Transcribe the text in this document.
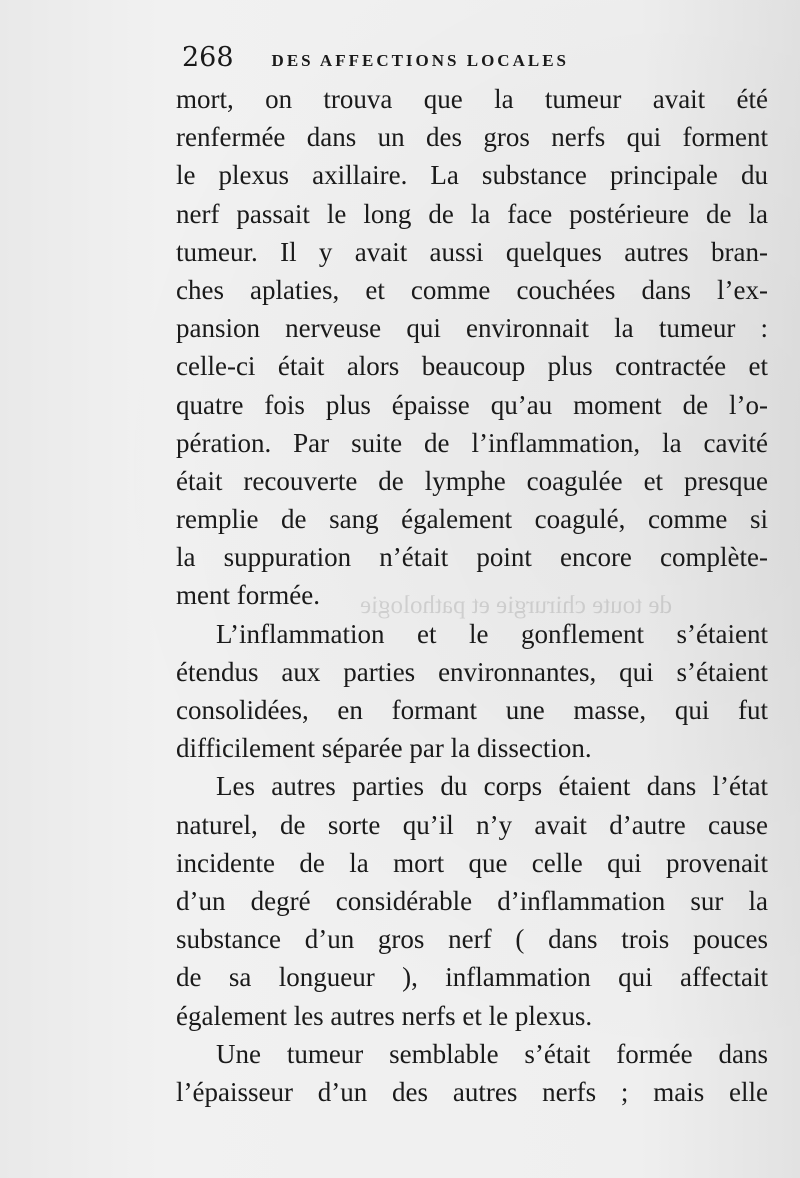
268 DES AFFECTIONS LOCALES
de toute chirurgie et pathologie
mort, on trouva que la tumeur avait été
renfermée dans un des gros nerfs qui forment
le plexus axillaire. La substance principale du
nerf passait le long de la face postérieure de la
tumeur. Il y avait aussi quelques autres bran-
ches aplaties, et comme couchées dans l’ex-
pansion nerveuse qui environnait la tumeur :
celle-ci était alors beaucoup plus contractée et
quatre fois plus épaisse qu’au moment de l’o-
pération. Par suite de l’inflammation, la cavité
était recouverte de lymphe coagulée et presque
remplie de sang également coagulé, comme si
la suppuration n’était point encore complète-
ment formée.
L’inflammation et le gonflement s’étaient
étendus aux parties environnantes, qui s’étaient
consolidées, en formant une masse, qui fut
difficilement séparée par la dissection.
Les autres parties du corps étaient dans l’état
naturel, de sorte qu’il n’y avait d’autre cause
incidente de la mort que celle qui provenait
d’un degré considérable d’inflammation sur la
substance d’un gros nerf ( dans trois pouces
de sa longueur ), inflammation qui affectait
également les autres nerfs et le plexus.
Une tumeur semblable s’était formée dans
l’épaisseur d’un des autres nerfs ; mais elle
